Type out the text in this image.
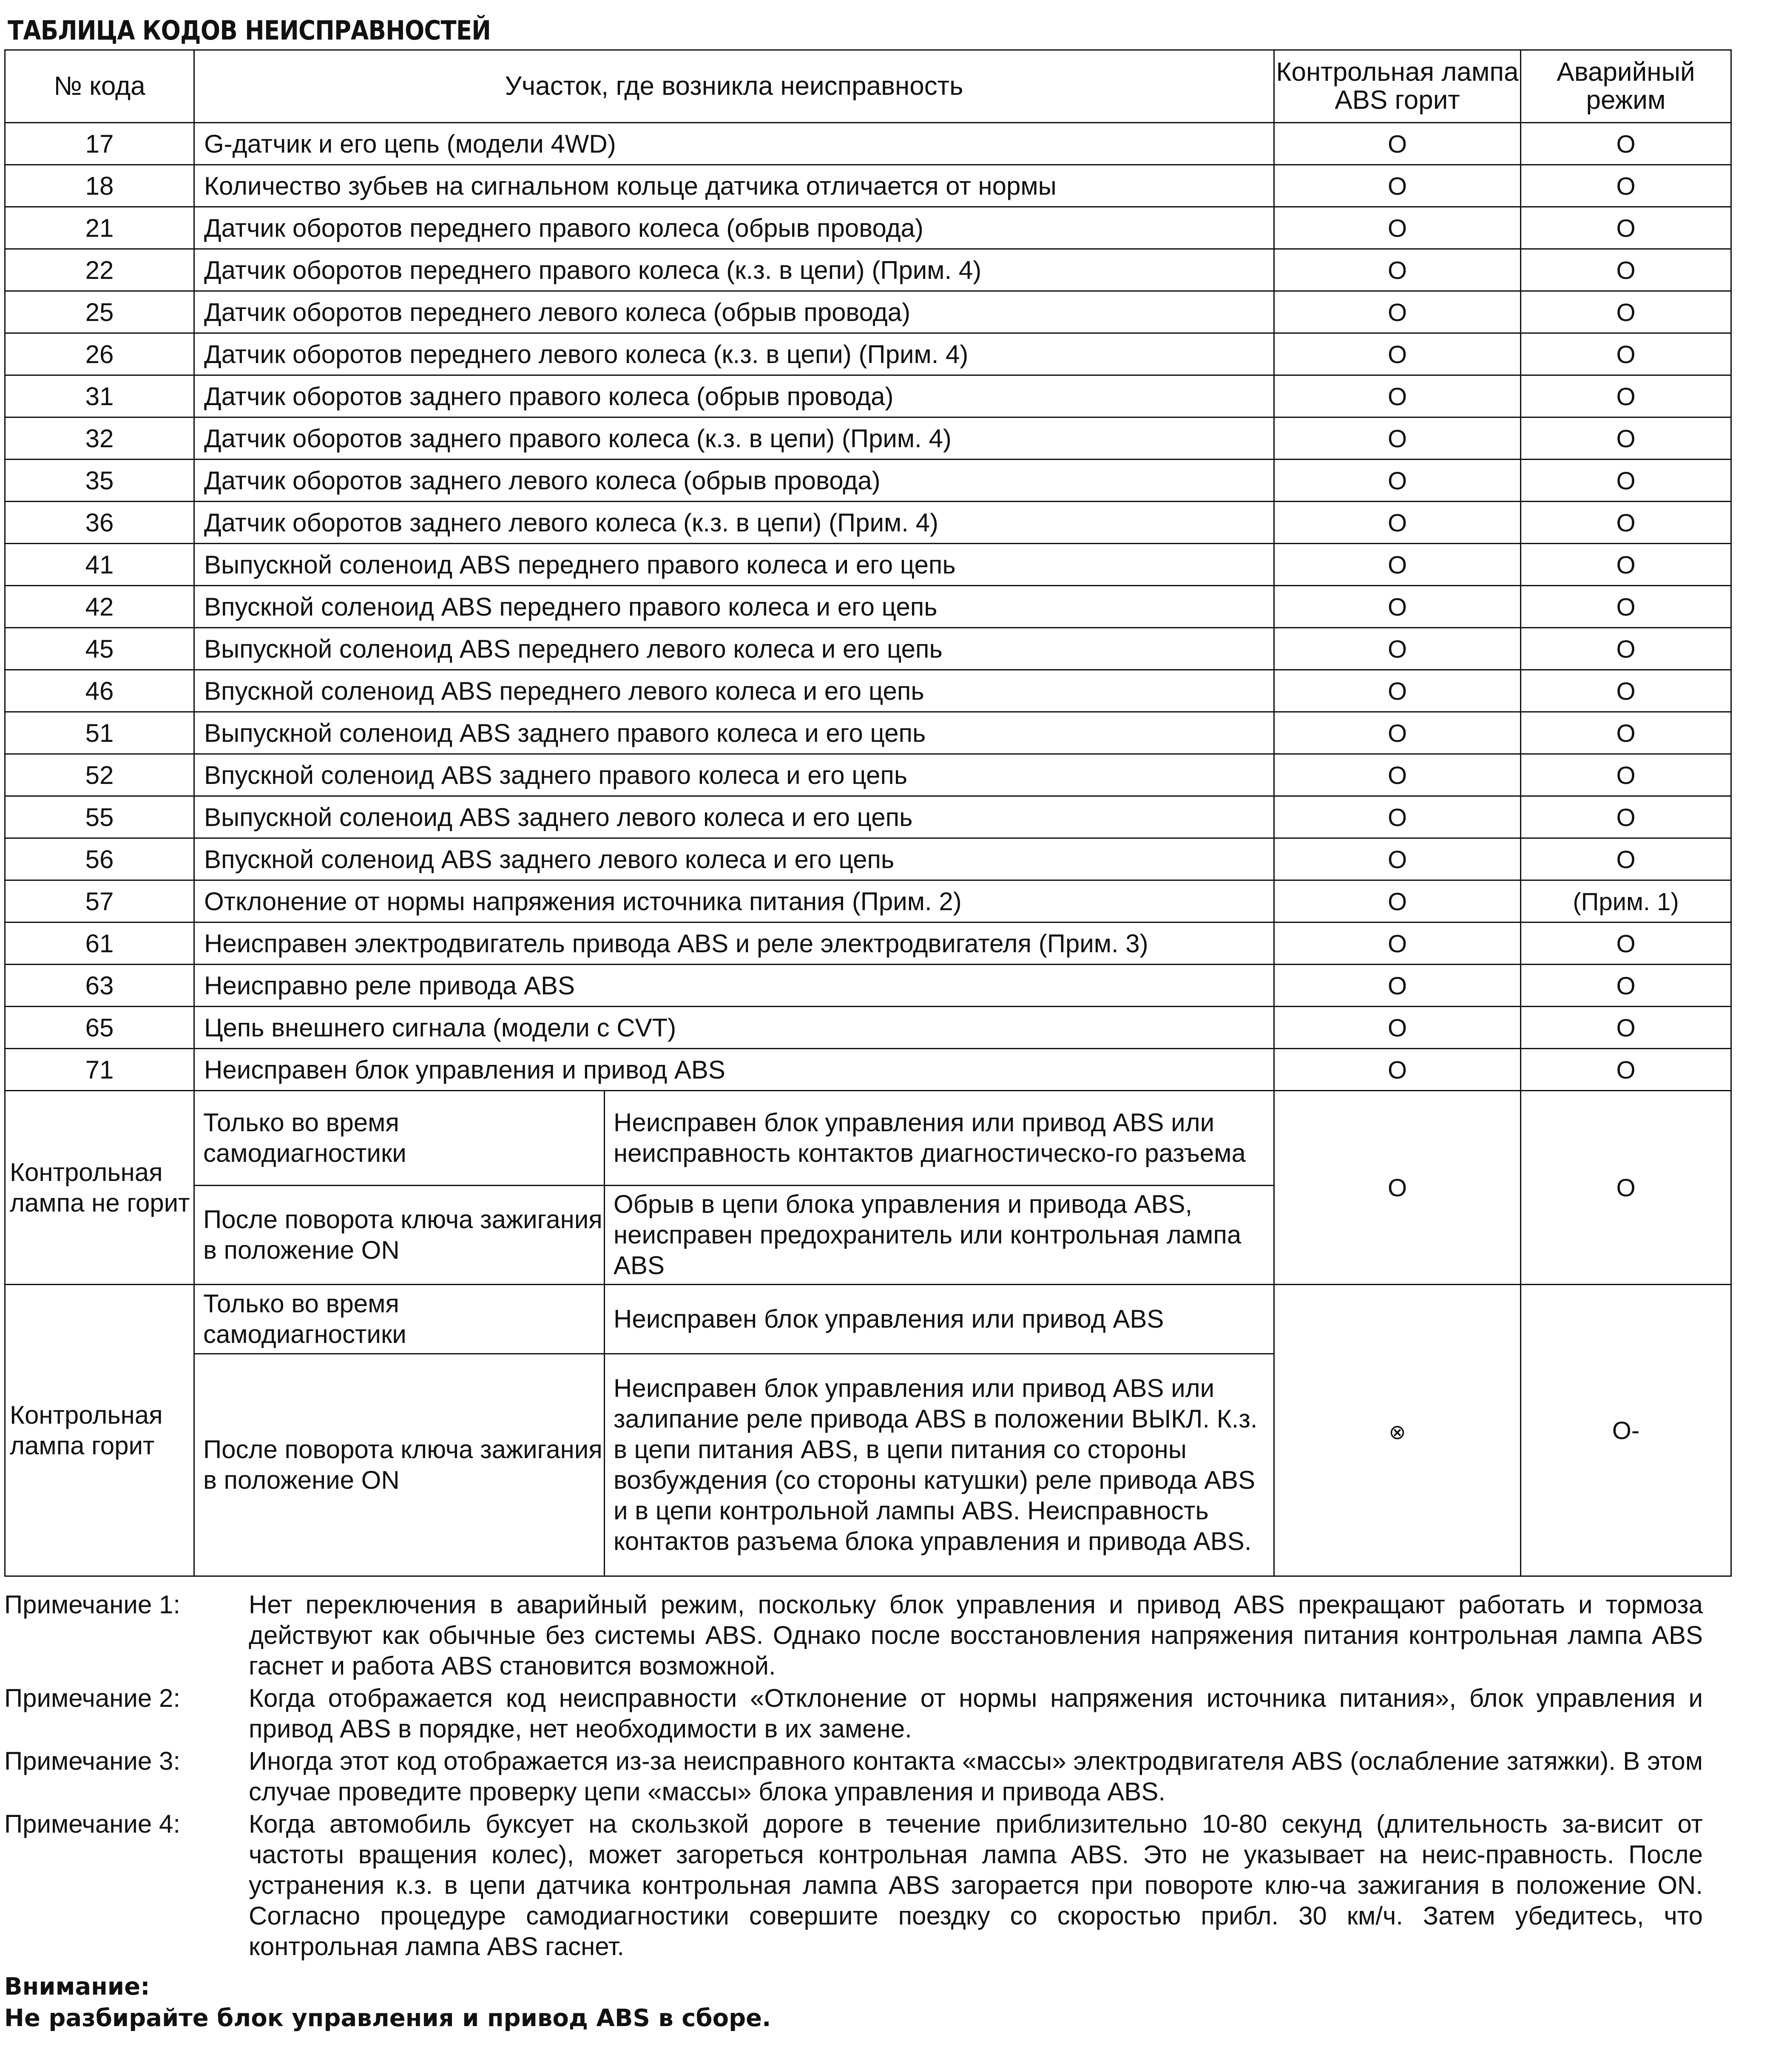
ТАБЛИЦА КОДОВ НЕИСПРАВНОСТЕЙ
№ кода	Участок, где возникла неисправность		Контрольная лампа ABS горит	Аварийный режим
17	G-датчик и его цепь (модели 4WD)		O	O
18	Количество зубьев на сигнальном кольце датчика отличается от нормы		O	O
21	Датчик оборотов переднего правого колеса (обрыв провода)		O	O
22	Датчик оборотов переднего правого колеса (к.з. в цепи) (Прим. 4)		O	O
25	Датчик оборотов переднего левого колеса (обрыв провода)		O	O
26	Датчик оборотов переднего левого колеса (к.з. в цепи) (Прим. 4)		O	O
31	Датчик оборотов заднего правого колеса (обрыв провода)		O	O
32	Датчик оборотов заднего правого колеса (к.з. в цепи) (Прим. 4)		O	O
35	Датчик оборотов заднего левого колеса (обрыв провода)		O	O
36	Датчик оборотов заднего левого колеса (к.з. в цепи) (Прим. 4)		O	O
41	Выпускной соленоид ABS переднего правого колеса и его цепь		O	O
42	Впускной соленоид ABS переднего правого колеса и его цепь		O	O
45	Выпускной соленоид ABS переднего левого колеса и его цепь		O	O
46	Впускной соленоид ABS переднего левого колеса и его цепь		O	O
51	Выпускной соленоид ABS заднего правого колеса и его цепь		O	O
52	Впускной соленоид ABS заднего правого колеса и его цепь		O	O
55	Выпускной соленоид ABS заднего левого колеса и его цепь		O	O
56	Впускной соленоид ABS заднего левого колеса и его цепь		O	O
57	Отклонение от нормы напряжения источника питания (Прим. 2)		O	(Прим. 1)
61	Неисправен электродвигатель привода ABS и реле электродвигателя (Прим. 3)		O	O
63	Неисправно реле привода ABS		O	O
65	Цепь внешнего сигнала (модели с CVT)		O	O
71	Неисправен блок управления и привод ABS		O	O
Контрольная лампа не горит	Только во время самодиагностики	Неисправен блок управления или привод ABS или неисправность контактов диагностическо-го разъема	O	O
	После поворота ключа зажигания в положение ON	Обрыв в цепи блока управления и привода ABS, неисправен предохранитель или контрольная лампа ABS		
Контрольная лампа горит	Только во время самодиагностики	Неисправен блок управления или привод ABS	⊗	O-
	После поворота ключа зажигания в положение ON	Неисправен блок управления или привод ABS или залипание реле привода ABS в положении ВЫКЛ. К.з. в цепи питания ABS, в цепи питания со стороны возбуждения (со стороны катушки) реле привода ABS и в цепи контрольной лампы ABS. Неисправность контактов разъема блока управления и привода ABS.		
Примечание 1:	Нет переключения в аварийный режим, поскольку блок управления и привод ABS прекращают работать и тормоза действуют как обычные без системы ABS. Однако после восстановления напряжения питания контрольная лампа ABS гаснет и работа ABS становится возможной.
Примечание 2:	Когда отображается код неисправности «Отклонение от нормы напряжения источника питания», блок управления и привод ABS в порядке, нет необходимости в их замене.
Примечание 3:	Иногда этот код отображается из-за неисправного контакта «массы» электродвигателя ABS (ослабление затяжки). В этом случае проведите проверку цепи «массы» блока управления и привода ABS.
Примечание 4:	Когда автомобиль буксует на скользкой дороге в течение приблизительно 10-80 секунд (длительность за-висит от частоты вращения колес), может загореться контрольная лампа ABS. Это не указывает на неис-правность. После устранения к.з. в цепи датчика контрольная лампа ABS загорается при повороте клю-ча зажигания в положение ON. Согласно процедуре самодиагностики совершите поездку со скоростью прибл. 30 км/ч. Затем убедитесь, что контрольная лампа ABS гаснет.
Внимание:
Не разбирайте блок управления и привод ABS в сборе.
